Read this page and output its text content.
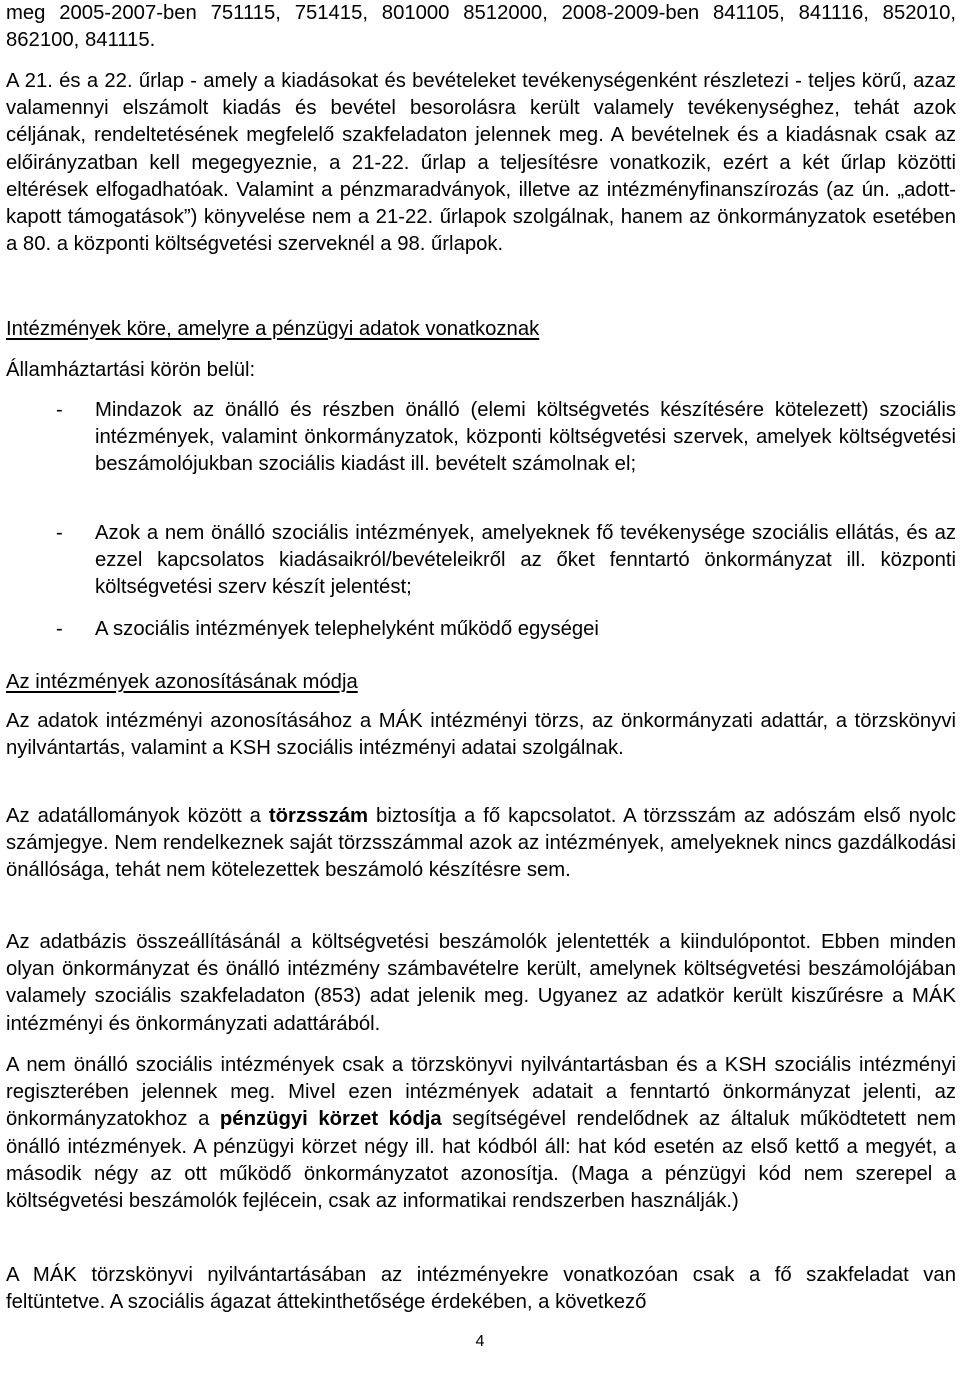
meg 2005-2007-ben 751115, 751415, 801000 8512000, 2008-2009-ben 841105, 841116, 852010, 862100, 841115.

A 21. és a 22. űrlap - amely a kiadásokat és bevételeket tevékenységenként részletezi - teljes körű, azaz valamennyi elszámolt kiadás és bevétel besorolásra került valamely tevékenységhez, tehát azok céljának, rendeltetésének megfelelő szakfeladaton jelennek meg. A bevételnek és a kiadásnak csak az előirányzatban kell megegyeznie, a 21-22. űrlap a teljesítésre vonatkozik, ezért a két űrlap közötti eltérések elfogadhatóak. Valamint a pénzmaradványok, illetve az intézményfinanszírozás (az ún. „adott-kapott támogatások”) könyvelése nem a 21-22. űrlapok szolgálnak, hanem az önkormányzatok esetében a 80. a központi költségvetési szerveknél a 98. űrlapok.

Intézmények köre, amelyre a pénzügyi adatok vonatkoznak
Államháztartási körön belül:
- Mindazok az önálló és részben önálló (elemi költségvetés készítésére kötelezett) szociális intézmények, valamint önkormányzatok, központi költségvetési szervek, amelyek költségvetési beszámolójukban szociális kiadást ill. bevételt számolnak el;

- Azok a nem önálló szociális intézmények, amelyeknek fő tevékenysége szociális ellátás, és az ezzel kapcsolatos kiadásaikról/bevételeikről az őket fenntartó önkormányzat ill. központi költségvetési szerv készít jelentést;

- A szociális intézmények telephelyként működő egységei

Az intézmények azonosításának módja

Az adatok intézményi azonosításához a MÁK intézményi törzs, az önkormányzati adattár, a törzskönyvi nyilvántartás, valamint a KSH szociális intézményi adatai szolgálnak.

Az adatállományok között a törzsszám biztosítja a fő kapcsolatot. A törzsszám az adószám első nyolc számjegye. Nem rendelkeznek saját törzsszámmal azok az intézmények, amelyeknek nincs gazdálkodási önállósága, tehát nem kötelezettek beszámoló készítésre sem.

Az adatbázis összeállításánál a költségvetési beszámolók jelentették a kiindulópontot. Ebben minden olyan önkormányzat és önálló intézmény számbavételre került, amelynek költségvetési beszámolójában valamely szociális szakfeladaton (853) adat jelenik meg. Ugyanez az adatkör került kiszűrésre a MÁK intézményi és önkormányzati adattárából.

A nem önálló szociális intézmények csak a törzskönyvi nyilvántartásban és a KSH szociális intézményi regiszterében jelennek meg. Mivel ezen intézmények adatait a fenntartó önkormányzat jelenti, az önkormányzatokhoz a pénzügyi körzet kódja segítségével rendelődnek az általuk működtetett nem önálló intézmények. A pénzügyi körzet négy ill. hat kódból áll: hat kód esetén az első kettő a megyét, a második négy az ott működő önkormányzatot azonosítja. (Maga a pénzügyi kód nem szerepel a költségvetési beszámolók fejlécein, csak az informatikai rendszerben használják.)

A MÁK törzskönyvi nyilvántartásában az intézményekre vonatkozóan csak a fő szakfeladat van feltüntetve. A szociális ágazat áttekinthetősége érdekében, a következő

4
